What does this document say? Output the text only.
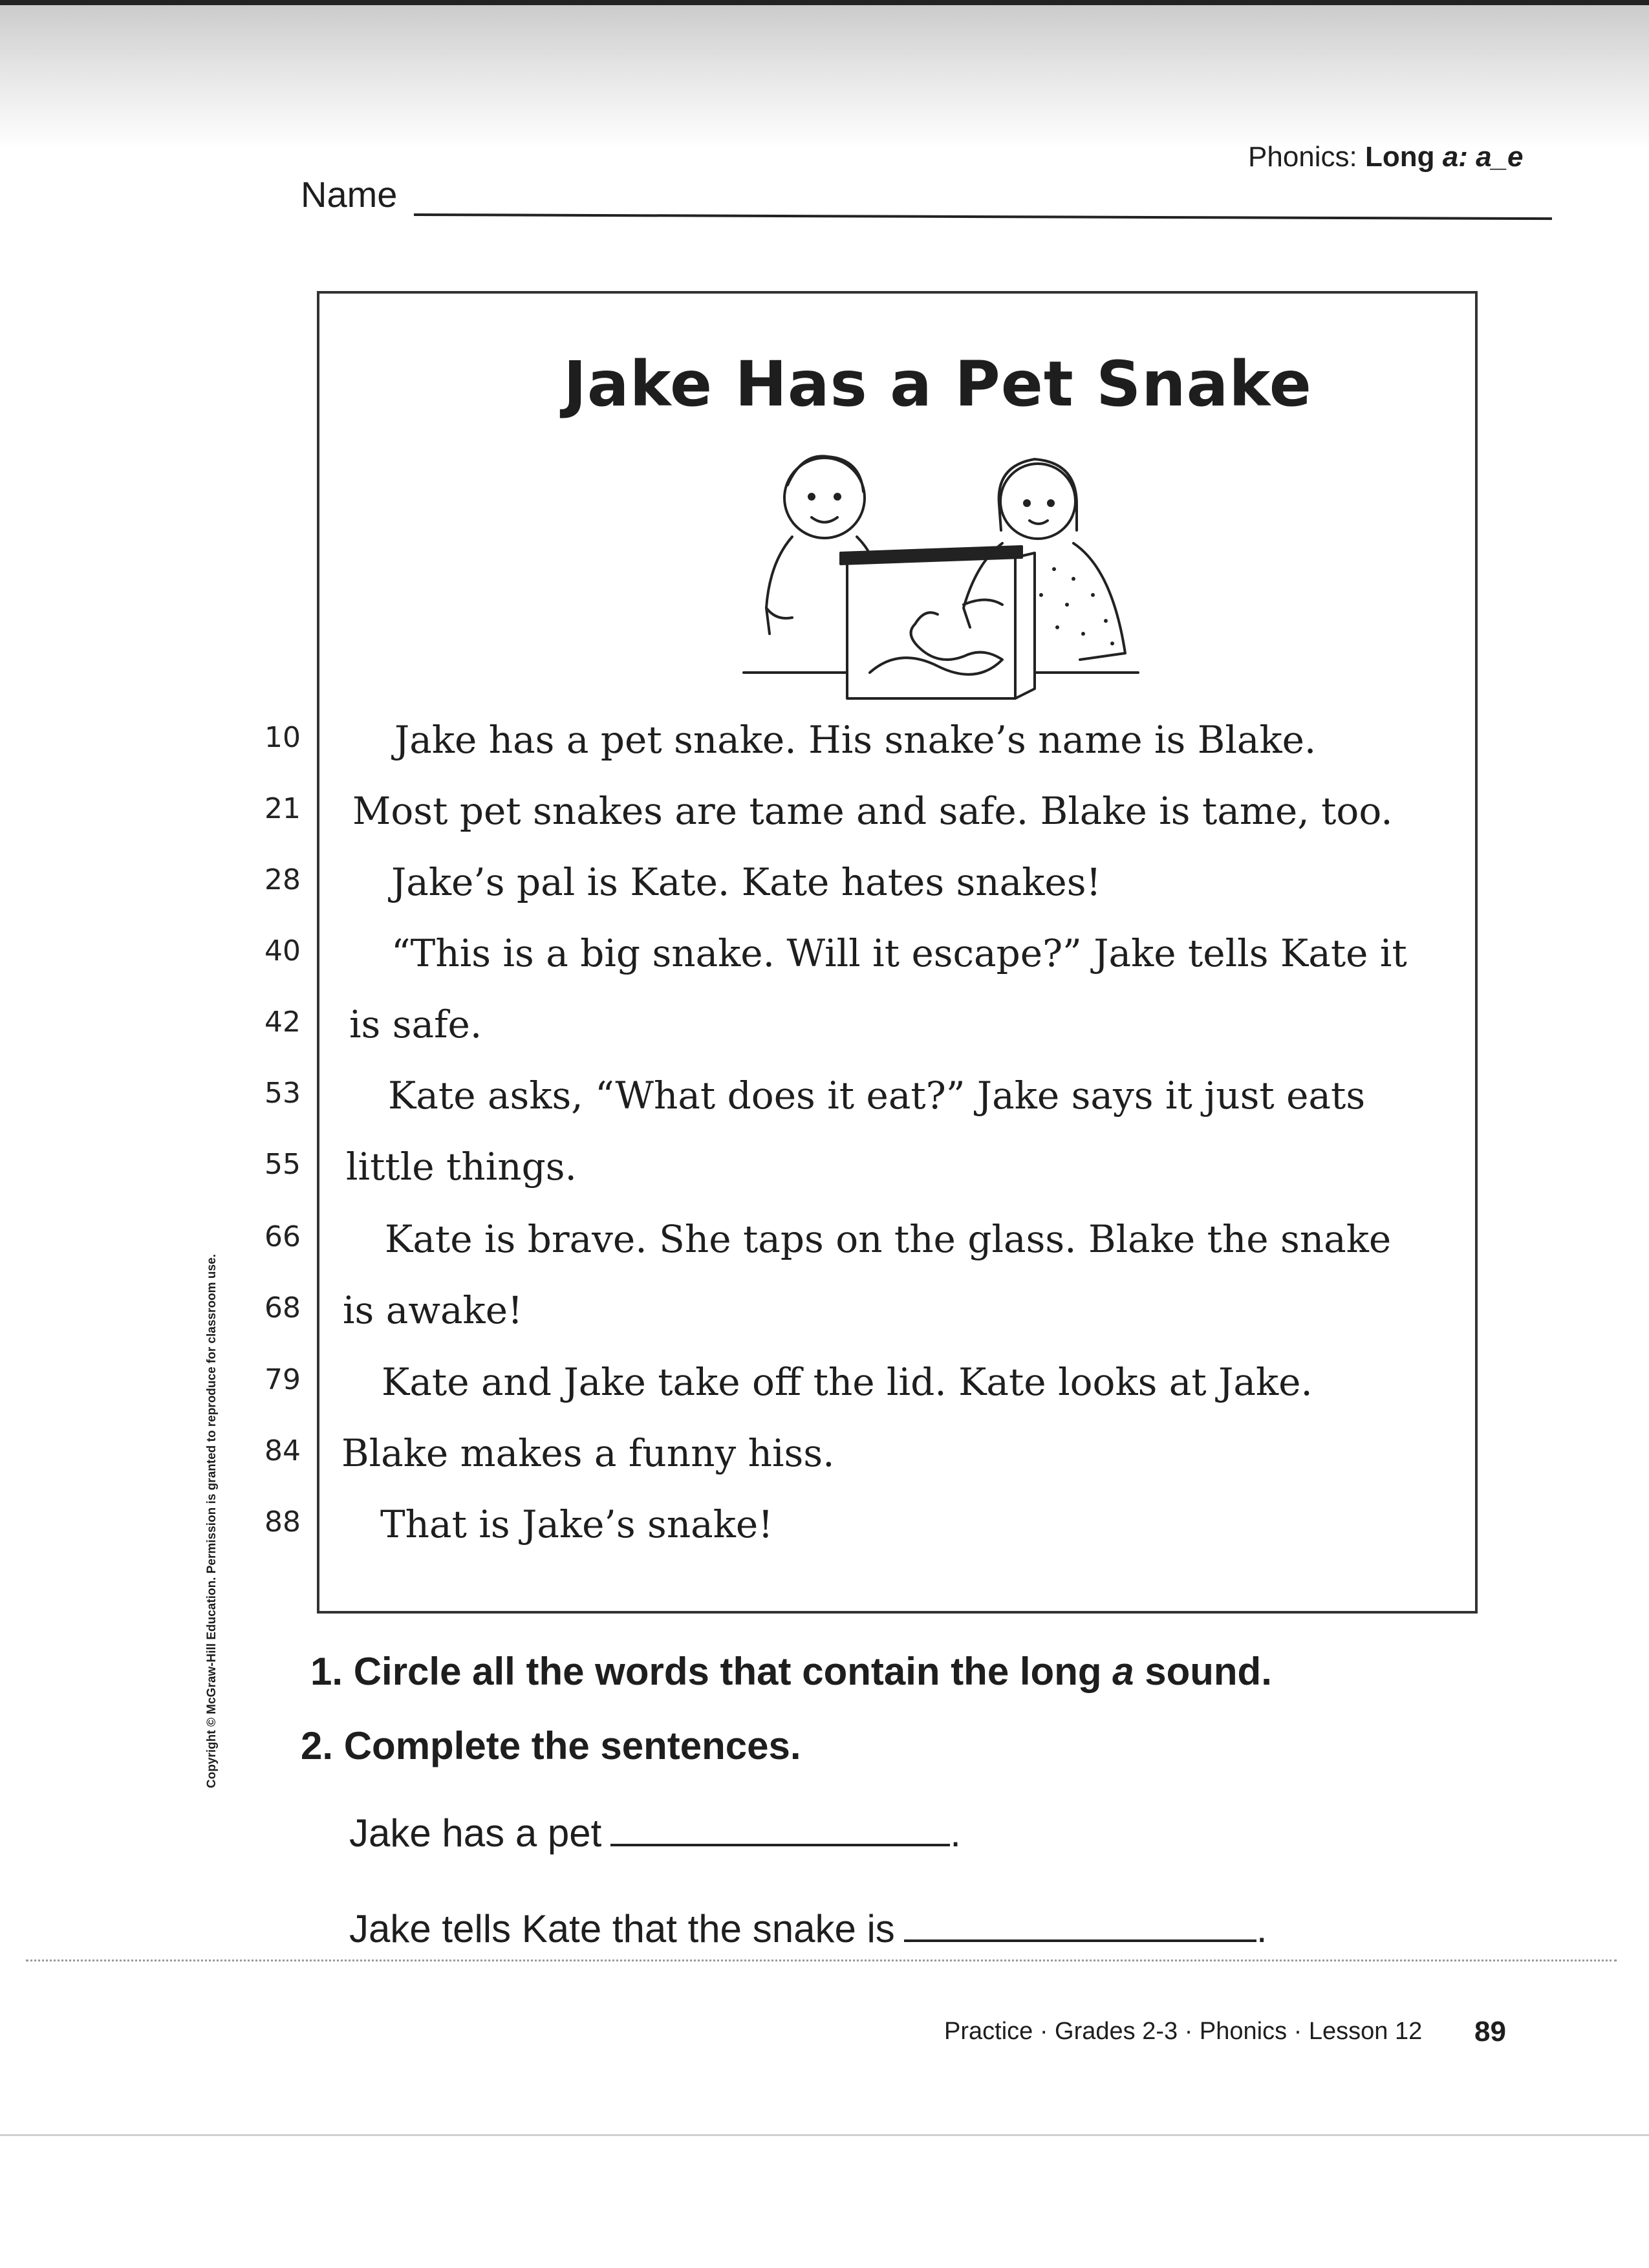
Phonics: Long a: a_e
Name
Jake Has a Pet Snake
10
21
28
40
42
53
55
66
68
79
84
88
Jake has a pet snake. His snake’s name is Blake.
Most pet snakes are tame and safe. Blake is tame, too.
Jake’s pal is Kate. Kate hates snakes!
“This is a big snake. Will it escape?” Jake tells Kate it
is safe.
Kate asks, “What does it eat?” Jake says it just eats
little things.
Kate is brave. She taps on the glass. Blake the snake
is awake!
Kate and Jake take off the lid. Kate looks at Jake.
Blake makes a funny hiss.
That is Jake’s snake!
Copyright © McGraw-Hill Education. Permission is granted to reproduce for classroom use. 1. Circle all the words that contain the long a sound.
2. Complete the sentences.
Jake has a pet	.
Jake tells Kate that the snake is	.
Practice · Grades 2-3 · Phonics · Lesson 12 89
